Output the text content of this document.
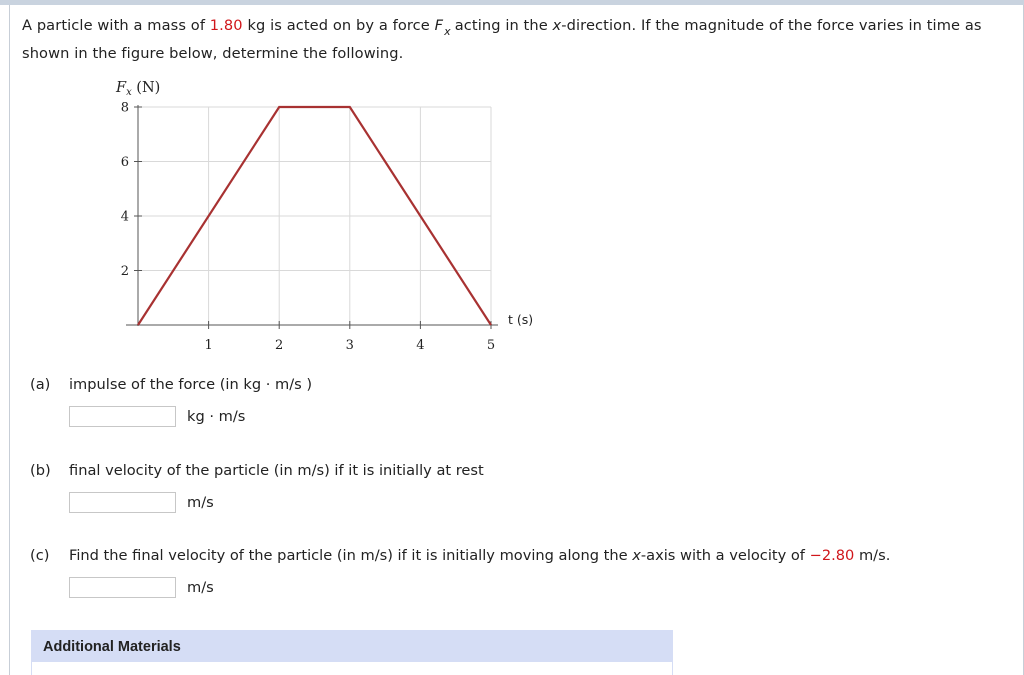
A particle with a mass of 1.80 kg is acted on by a force $F_x$ acting in the x-direction. If the magnitude of the force varies in time as shown in the figure below, determine the following.
8
6
4
2
1	2	3	4	5
$F_x$ (N)
t (s)
(a) impulse of the force (in kg · m/s )
kg · m/s
(b) final velocity of the particle (in m/s) if it is initially at rest
m/s
(c) Find the final velocity of the particle (in m/s) if it is initially moving along the x-axis with a velocity of −2.80 m/s.
m/s
Additional Materials
